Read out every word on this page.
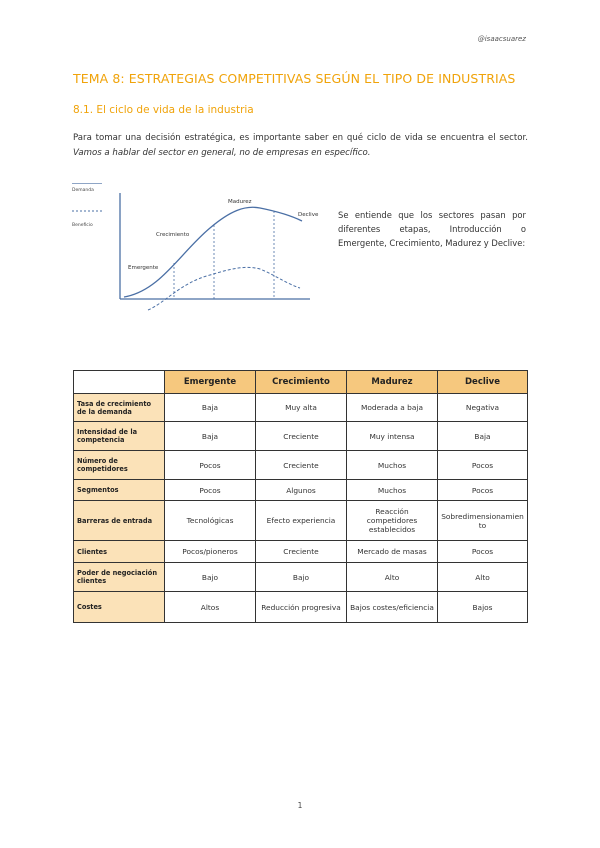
@isaacsuarez
TEMA 8: ESTRATEGIAS COMPETITIVAS SEGÚN EL TIPO DE INDUSTRIAS
8.1. El ciclo de vida de la industria
Para tomar una decisión estratégica, es importante saber en qué ciclo de vida se encuentra el sector. Vamos a hablar del sector en general, no de empresas en específico.
Demanda
Beneficio
Emergente
Crecimiento
Madurez
Declive Se entiende que los sectores pasan por diferentes etapas, Introducción o Emergente, Crecimiento, Madurez y Declive:
	Emergente	Crecimiento	Madurez	Declive
Tasa de crecimiento de la demanda	Baja	Muy alta	Moderada a baja	Negativa
Intensidad de la competencia	Baja	Creciente	Muy intensa	Baja
Número de competidores	Pocos	Creciente	Muchos	Pocos
Segmentos	Pocos	Algunos	Muchos	Pocos
Barreras de entrada	Tecnológicas	Efecto experiencia	Reacción competidores establecidos	Sobredimensionamiento
Clientes	Pocos/pioneros	Creciente	Mercado de masas	Pocos
Poder de negociación clientes	Bajo	Bajo	Alto	Alto
Costes	Altos	Reducción progresiva	Bajos costes/eficiencia	Bajos
1
